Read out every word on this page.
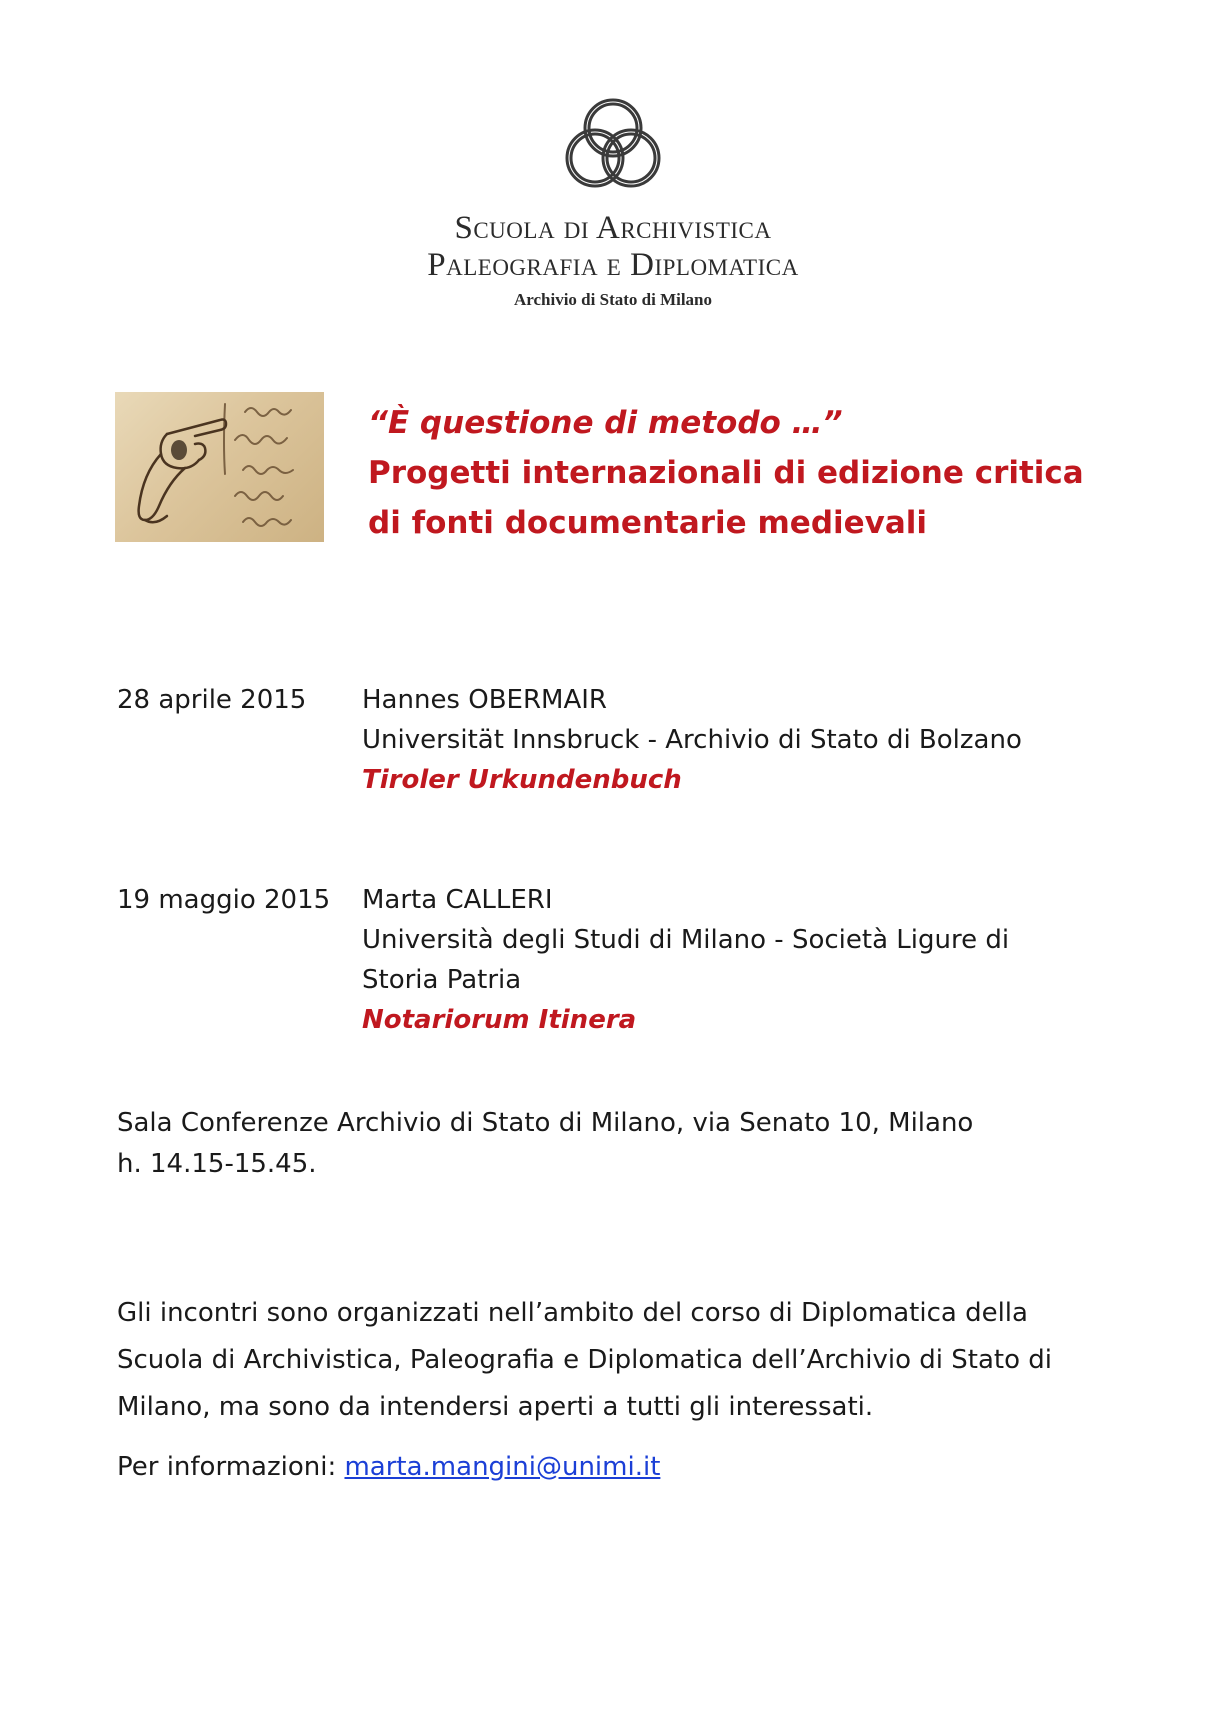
Scuola di Archivistica
Paleografia e Diplomatica
Archivio di Stato di Milano
“È questione di metodo …”
Progetti internazionali di edizione critica
di fonti documentarie medievali
28 aprile 2015 Hannes OBERMAIR
Universität Innsbruck - Archivio di Stato di Bolzano
Tiroler Urkundenbuch
19 maggio 2015 Marta CALLERI
Università degli Studi di Milano - Società Ligure di
Storia Patria
Notariorum Itinera
Sala Conferenze Archivio di Stato di Milano, via Senato 10, Milano
h. 14.15-15.45.
Gli incontri sono organizzati nell’ambito del corso di Diplomatica della
Scuola di Archivistica, Paleografia e Diplomatica dell’Archivio di Stato di
Milano, ma sono da intendersi aperti a tutti gli interessati.
Per informazioni: marta.mangini@unimi.it
